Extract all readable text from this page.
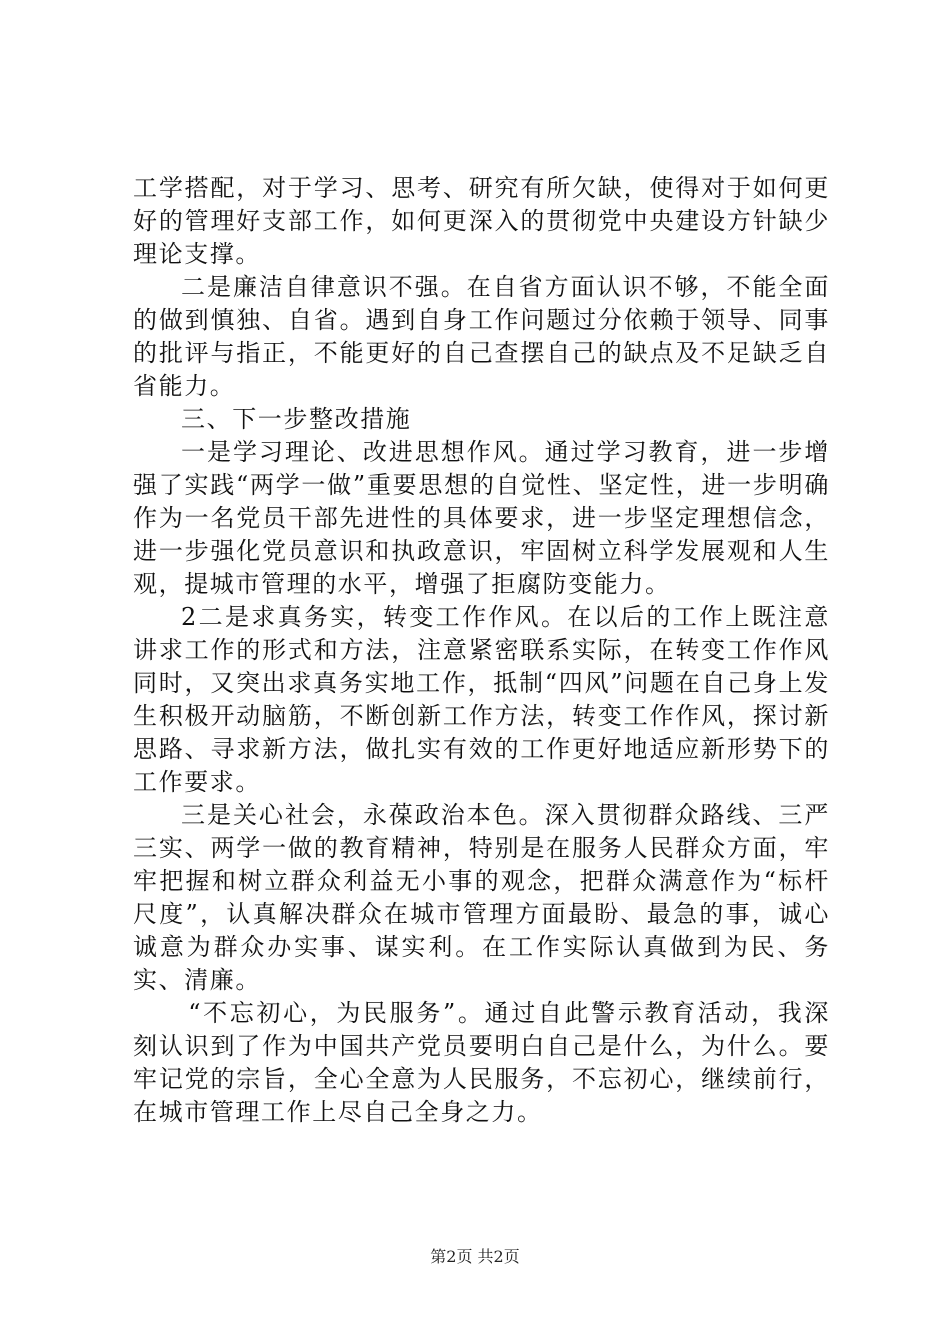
工学搭配，对于学习、思考、研究有所欠缺，使得对于如何更好的管理好支部工作，如何更深入的贯彻党中央建设方针缺少理论支撑。

二是廉洁自律意识不强。在自省方面认识不够，不能全面的做到慎独、自省。遇到自身工作问题过分依赖于领导、同事的批评与指正，不能更好的自己查摆自己的缺点及不足缺乏自省能力。

三、下一步整改措施

一是学习理论、改进思想作风。通过学习教育，进一步增强了实践“两学一做”重要思想的自觉性、坚定性，进一步明确作为一名党员干部先进性的具体要求，进一步坚定理想信念，进一步强化党员意识和执政意识，牢固树立科学发展观和人生观，提城市管理的水平，增强了拒腐防变能力。

2二是求真务实，转变工作作风。在以后的工作上既注意讲求工作的形式和方法，注意紧密联系实际，在转变工作作风同时，又突出求真务实地工作，抵制“四风”问题在自己身上发生积极开动脑筋，不断创新工作方法，转变工作作风，探讨新思路、寻求新方法，做扎实有效的工作更好地适应新形势下的工作要求。

三是关心社会，永葆政治本色。深入贯彻群众路线、三严三实、两学一做的教育精神，特别是在服务人民群众方面，牢牢把握和树立群众利益无小事的观念，把群众满意作为“标杆尺度”，认真解决群众在城市管理方面最盼、最急的事，诚心诚意为群众办实事、谋实利。在工作实际认真做到为民、务实、清廉。

“不忘初心，为民服务”。通过自此警示教育活动，我深刻认识到了作为中国共产党员要明白自己是什么，为什么。要牢记党的宗旨，全心全意为人民服务，不忘初心，继续前行，在城市管理工作上尽自己全身之力。

第2页 共2页
